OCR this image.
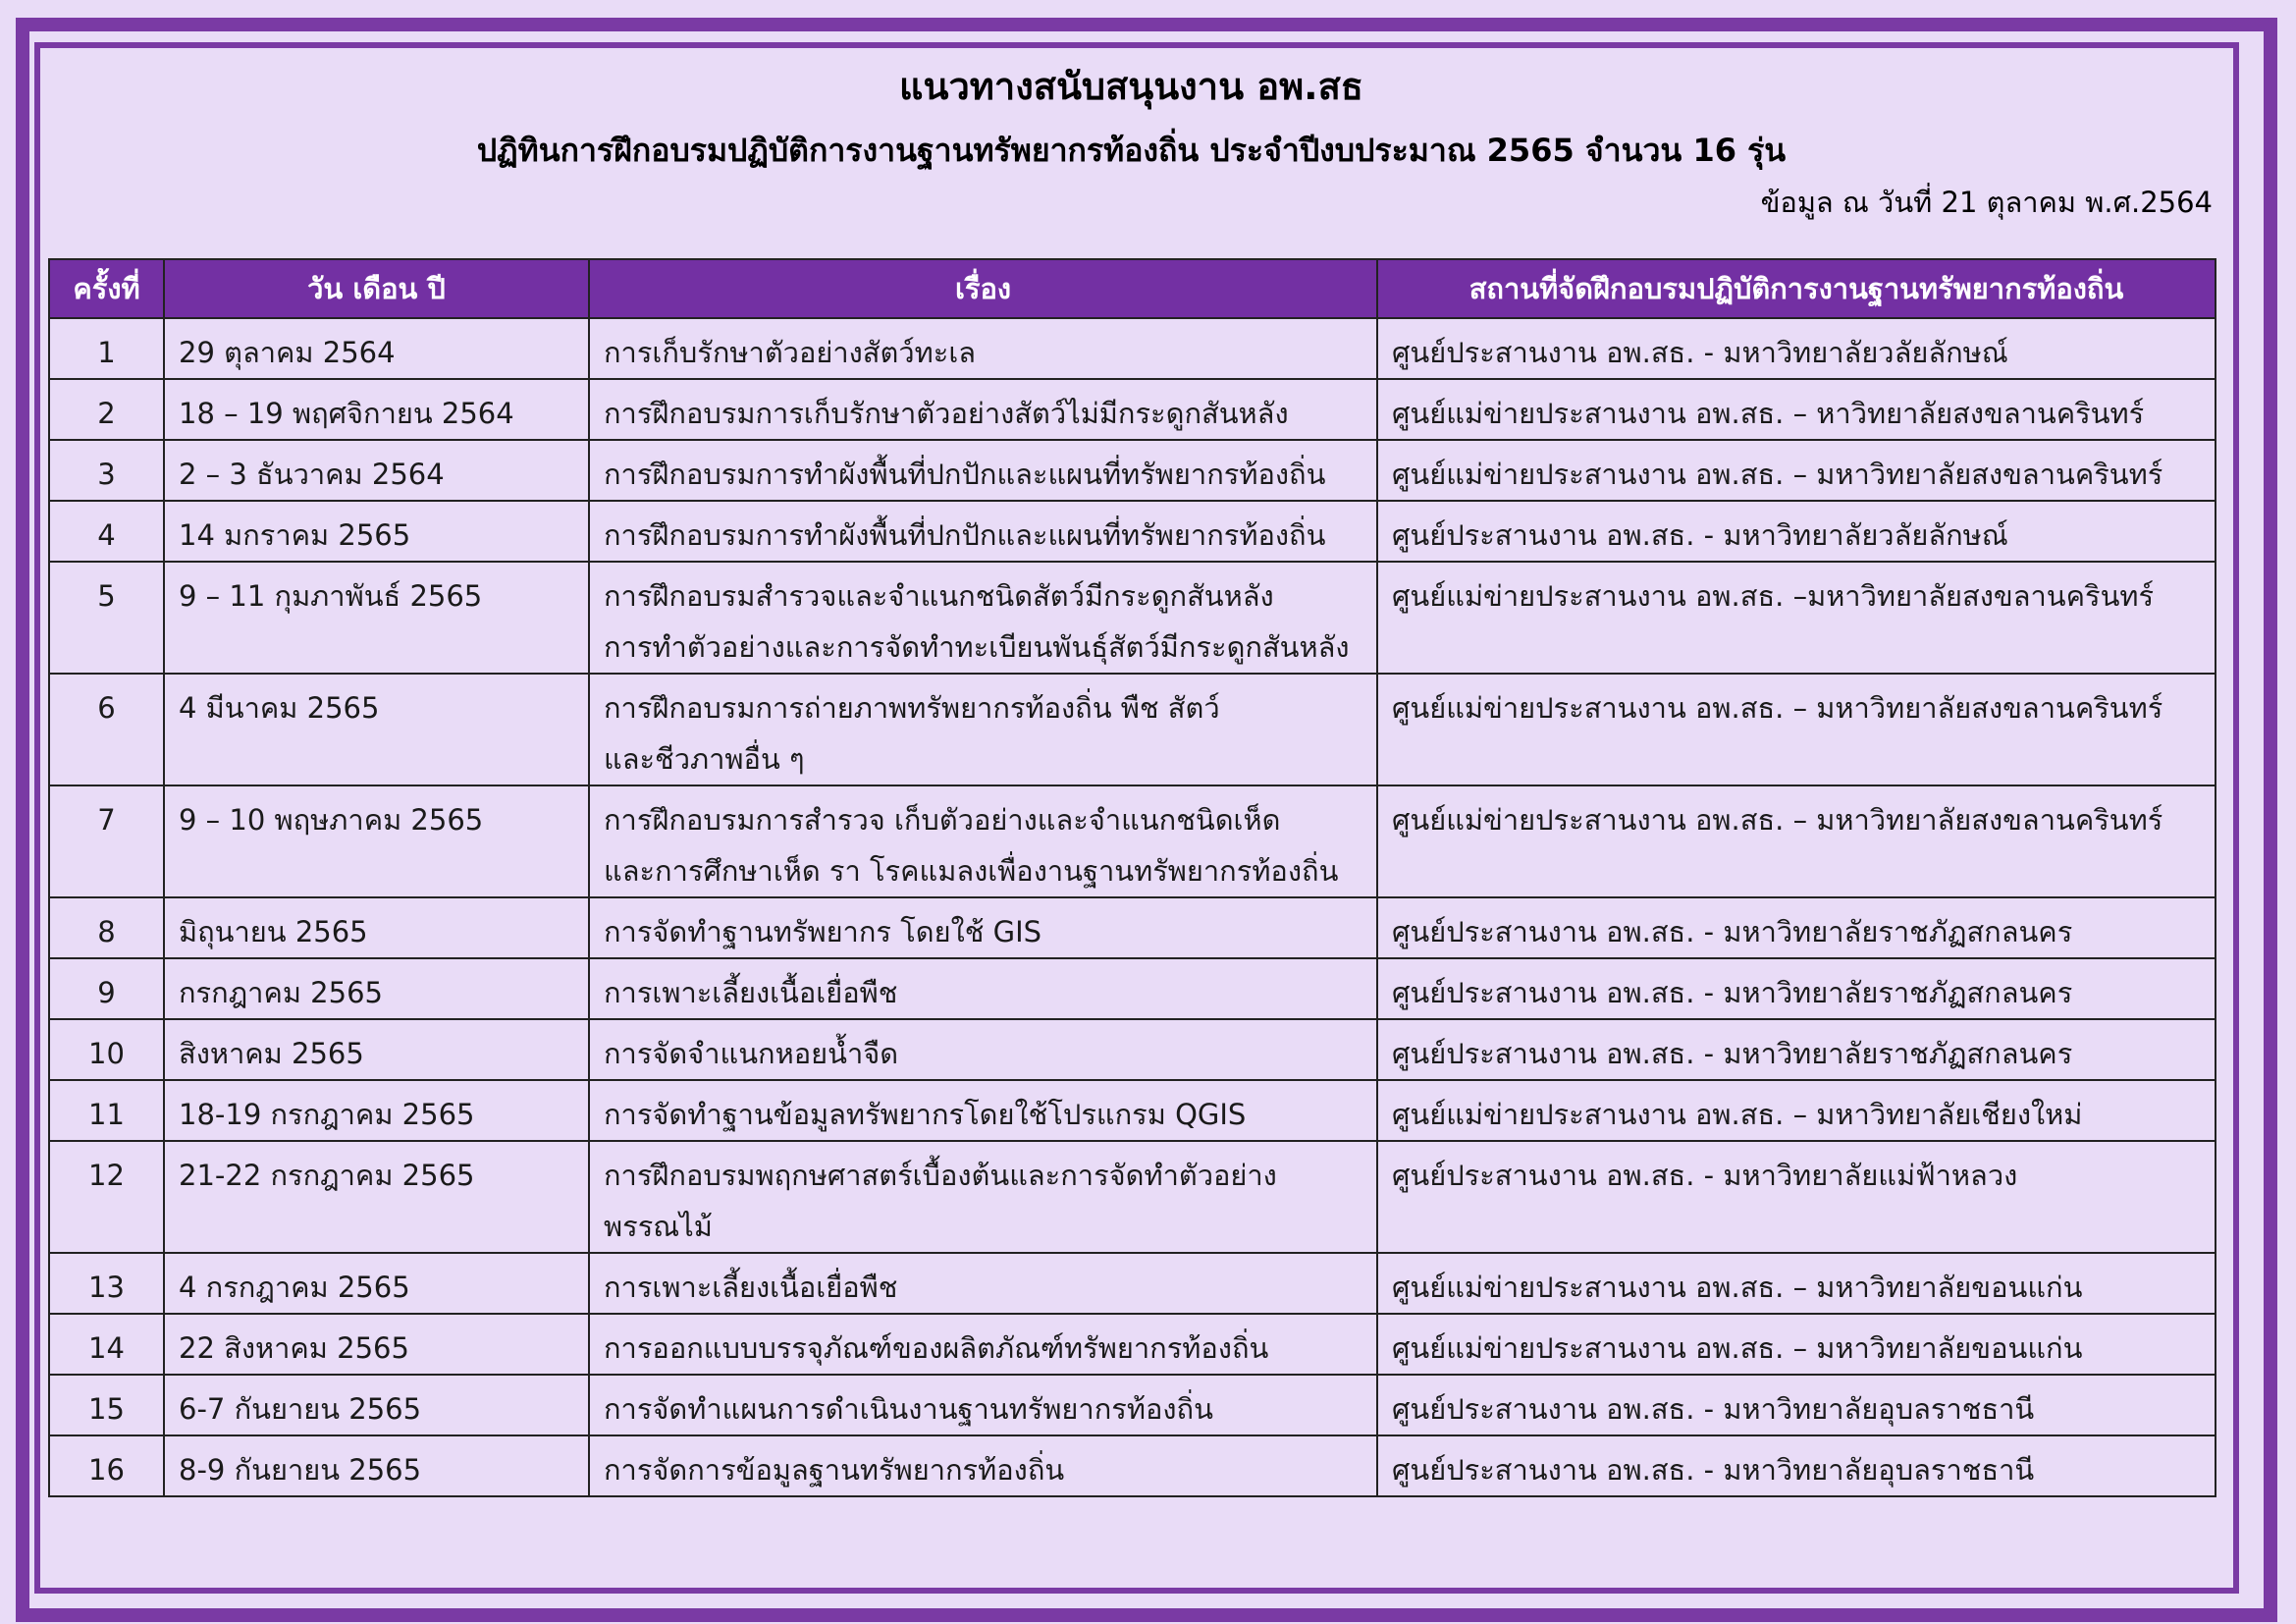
แนวทางสนับสนุนงาน อพ.สธ
ปฏิทินการฝึกอบรมปฏิบัติการงานฐานทรัพยากรท้องถิ่น ประจำปีงบประมาณ 2565 จำนวน 16 รุ่น
ข้อมูล ณ วันที่ 21 ตุลาคม พ.ศ.2564
ครั้งที่	วัน เดือน ปี	เรื่อง	สถานที่จัดฝึกอบรมปฏิบัติการงานฐานทรัพยากรท้องถิ่น
1	29 ตุลาคม 2564	การเก็บรักษาตัวอย่างสัตว์ทะเล	ศูนย์ประสานงาน อพ.สธ. - มหาวิทยาลัยวลัยลักษณ์
2	18 – 19 พฤศจิกายน 2564	การฝึกอบรมการเก็บรักษาตัวอย่างสัตว์ไม่มีกระดูกสันหลัง	ศูนย์แม่ข่ายประสานงาน อพ.สธ. – หาวิทยาลัยสงขลานครินทร์
3	2 – 3 ธันวาคม 2564	การฝึกอบรมการทำผังพื้นที่ปกปักและแผนที่ทรัพยากรท้องถิ่น	ศูนย์แม่ข่ายประสานงาน อพ.สธ. – มหาวิทยาลัยสงขลานครินทร์
4	14 มกราคม 2565	การฝึกอบรมการทำผังพื้นที่ปกปักและแผนที่ทรัพยากรท้องถิ่น	ศูนย์ประสานงาน อพ.สธ. - มหาวิทยาลัยวลัยลักษณ์
5	9 – 11 กุมภาพันธ์ 2565	การฝึกอบรมสำรวจและจำแนกชนิดสัตว์มีกระดูกสันหลัง
การทำตัวอย่างและการจัดทำทะเบียนพันธุ์สัตว์มีกระดูกสันหลัง	ศูนย์แม่ข่ายประสานงาน อพ.สธ. –มหาวิทยาลัยสงขลานครินทร์
6	4 มีนาคม 2565	การฝึกอบรมการถ่ายภาพทรัพยากรท้องถิ่น พืช สัตว์
และชีวภาพอื่น ๆ	ศูนย์แม่ข่ายประสานงาน อพ.สธ. – มหาวิทยาลัยสงขลานครินทร์
7	9 – 10 พฤษภาคม 2565	การฝึกอบรมการสำรวจ เก็บตัวอย่างและจำแนกชนิดเห็ด
และการศึกษาเห็ด รา โรคแมลงเพื่องานฐานทรัพยากรท้องถิ่น	ศูนย์แม่ข่ายประสานงาน อพ.สธ. – มหาวิทยาลัยสงขลานครินทร์
8	มิถุนายน 2565	การจัดทำฐานทรัพยากร โดยใช้ GIS	ศูนย์ประสานงาน อพ.สธ. - มหาวิทยาลัยราชภัฏสกลนคร
9	กรกฎาคม 2565	การเพาะเลี้ยงเนื้อเยื่อพืช	ศูนย์ประสานงาน อพ.สธ. - มหาวิทยาลัยราชภัฏสกลนคร
10	สิงหาคม 2565	การจัดจำแนกหอยน้ำจืด	ศูนย์ประสานงาน อพ.สธ. - มหาวิทยาลัยราชภัฏสกลนคร
11	18-19 กรกฎาคม 2565	การจัดทำฐานข้อมูลทรัพยากรโดยใช้โปรแกรม QGIS	ศูนย์แม่ข่ายประสานงาน อพ.สธ. – มหาวิทยาลัยเชียงใหม่
12	21-22 กรกฎาคม 2565	การฝึกอบรมพฤกษศาสตร์เบื้องต้นและการจัดทำตัวอย่าง
พรรณไม้	ศูนย์ประสานงาน อพ.สธ. - มหาวิทยาลัยแม่ฟ้าหลวง
13	4 กรกฎาคม 2565	การเพาะเลี้ยงเนื้อเยื่อพืช	ศูนย์แม่ข่ายประสานงาน อพ.สธ. – มหาวิทยาลัยขอนแก่น
14	22 สิงหาคม 2565	การออกแบบบรรจุภัณฑ์ของผลิตภัณฑ์ทรัพยากรท้องถิ่น	ศูนย์แม่ข่ายประสานงาน อพ.สธ. – มหาวิทยาลัยขอนแก่น
15	6-7 กันยายน 2565	การจัดทำแผนการดำเนินงานฐานทรัพยากรท้องถิ่น	ศูนย์ประสานงาน อพ.สธ. - มหาวิทยาลัยอุบลราชธานี
16	8-9 กันยายน 2565	การจัดการข้อมูลฐานทรัพยากรท้องถิ่น	ศูนย์ประสานงาน อพ.สธ. - มหาวิทยาลัยอุบลราชธานี
